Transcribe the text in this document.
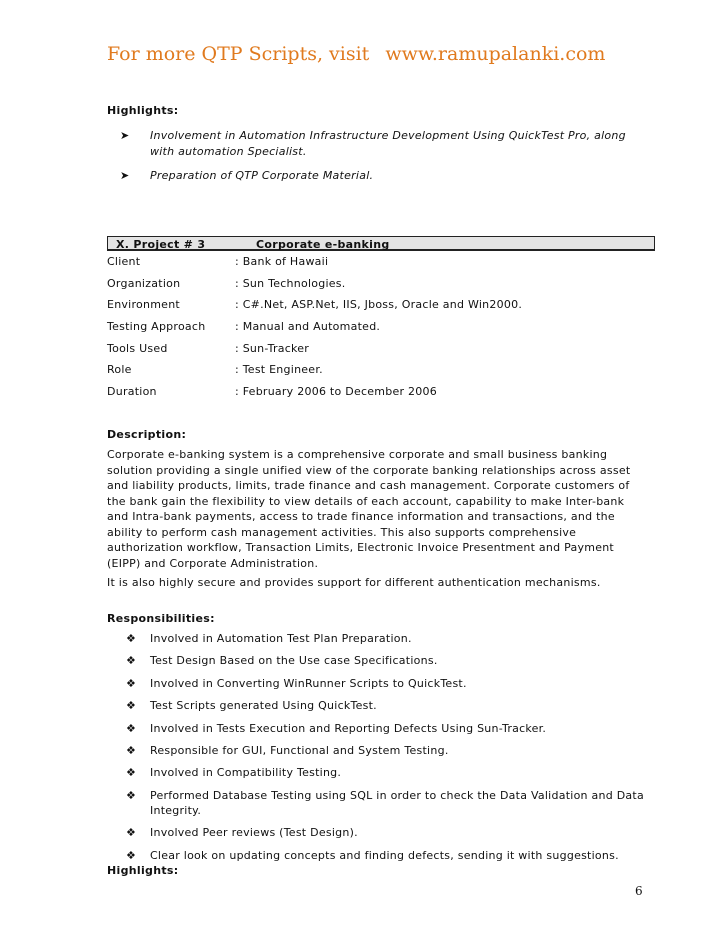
For more QTP Scripts, visit www.ramupalanki.com
Highlights:
➤	Involvement in Automation Infrastructure Development Using QuickTest Pro, along with automation Specialist.
➤	Preparation of QTP Corporate Material.
X. Project # 3	Corporate e-banking
Client	: Bank of Hawaii
Organization	: Sun Technologies.
Environment	: C#.Net, ASP.Net, IIS, Jboss, Oracle and Win2000.
Testing Approach	: Manual and Automated.
Tools Used	: Sun-Tracker
Role	: Test Engineer.
Duration	: February 2006 to December 2006
Description:
Corporate e-banking system is a comprehensive corporate and small business banking solution providing a single unified view of the corporate banking relationships across asset and liability products, limits, trade finance and cash management. Corporate customers of the bank gain the flexibility to view details of each account, capability to make Inter-bank and Intra-bank payments, access to trade finance information and transactions, and the ability to perform cash management activities. This also supports comprehensive authorization workflow, Transaction Limits, Electronic Invoice Presentment and Payment (EIPP) and Corporate Administration.
It is also highly secure and provides support for different authentication mechanisms.
Responsibilities:
❖	Involved in Automation Test Plan Preparation.
❖	Test Design Based on the Use case Specifications.
❖	Involved in Converting WinRunner Scripts to QuickTest.
❖	Test Scripts generated Using QuickTest.
❖	Involved in Tests Execution and Reporting Defects Using Sun-Tracker.
❖	Responsible for GUI, Functional and System Testing.
❖	Involved in Compatibility Testing.
❖	Performed Database Testing using SQL in order to check the Data Validation and Data Integrity.
❖	Involved Peer reviews (Test Design).
❖	Clear look on updating concepts and finding defects, sending it with suggestions.
Highlights:
6
